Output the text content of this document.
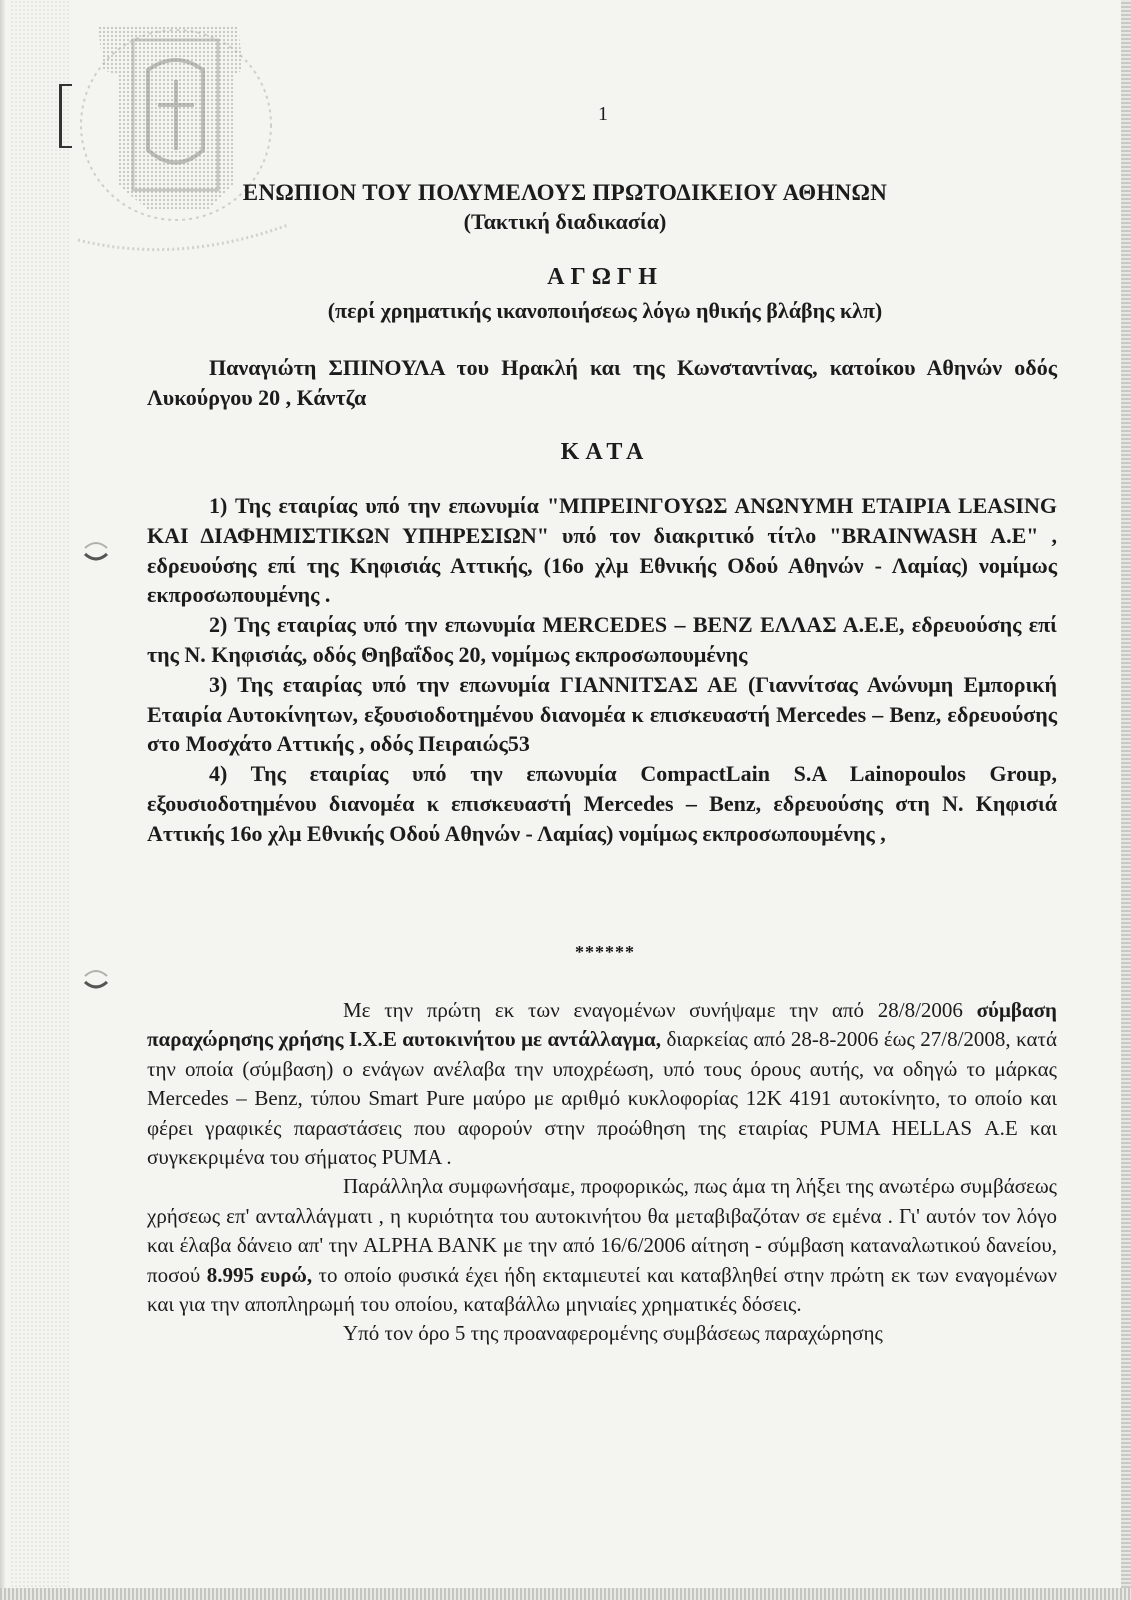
1
ΕΝΩΠΙΟΝ ΤΟΥ ΠΟΛΥΜΕΛΟΥΣ ΠΡΩΤΟΔΙΚΕΙΟΥ ΑΘΗΝΩΝ
(Τακτική διαδικασία)
ΑΓΩΓΗ
(περί χρηματικής ικανοποιήσεως λόγω ηθικής βλάβης κλπ)
Παναγιώτη ΣΠΙΝΟΥΛΑ του Ηρακλή και της Κωνσταντίνας, κατοίκου Αθηνών οδός Λυκούργου 20 , Κάντζα
ΚΑΤΑ

1) Της εταιρίας υπό την επωνυμία "ΜΠΡΕΙΝΓΟΥΩΣ ΑΝΩΝΥΜΗ ΕΤΑΙΡΙΑ LEASING ΚΑΙ ΔΙΑΦΗΜΙΣΤΙΚΩΝ ΥΠΗΡΕΣΙΩΝ" υπό τον διακριτικό τίτλο "BRAINWASH Α.Ε" , εδρευούσης επί της Κηφισιάς Αττικής, (16ο χλμ Εθνικής Οδού Αθηνών - Λαμίας) νομίμως εκπροσωπουμένης .

2) Της εταιρίας υπό την επωνυμία MERCEDES – BENZ ΕΛΛΑΣ Α.Ε.Ε, εδρευούσης επί της Ν. Κηφισιάς, οδός Θηβαΐδος 20, νομίμως εκπροσωπουμένης

3) Της εταιρίας υπό την επωνυμία ΓΙΑΝΝΙΤΣΑΣ ΑΕ (Γιαννίτσας Ανώνυμη Εμπορική Εταιρία Αυτοκίνητων, εξουσιοδοτημένου διανομέα κ επισκευαστή Mercedes – Benz, εδρευούσης στο Μοσχάτο Αττικής , οδός Πειραιώς53

4) Της εταιρίας υπό την επωνυμία CompactLain S.A Lainopoulos Group, εξουσιοδοτημένου διανομέα κ επισκευαστή Mercedes – Benz, εδρευούσης στη Ν. Κηφισιά Αττικής 16ο χλμ Εθνικής Οδού Αθηνών - Λαμίας) νομίμως εκπροσωπουμένης ,

******

Με την πρώτη εκ των εναγομένων συνήψαμε την από 28/8/2006 σύμβαση παραχώρησης χρήσης Ι.Χ.Ε αυτοκινήτου με αντάλλαγμα, διαρκείας από 28-8-2006 έως 27/8/2008, κατά την οποία (σύμβαση) ο ενάγων ανέλαβα την υποχρέωση, υπό τους όρους αυτής, να οδηγώ το μάρκας Mercedes – Benz, τύπου Smart Pure μαύρο με αριθμό κυκλοφορίας 12Κ 4191 αυτοκίνητο, το οποίο και φέρει γραφικές παραστάσεις που αφορούν στην προώθηση της εταιρίας PUMA HELLAS Α.Ε και συγκεκριμένα του σήματος PUMA .

Παράλληλα συμφωνήσαμε, προφορικώς, πως άμα τη λήξει της ανωτέρω συμβάσεως χρήσεως επ' ανταλλάγματι , η κυριότητα του αυτοκινήτου θα μεταβιβαζόταν σε εμένα . Γι' αυτόν τον λόγο και έλαβα δάνειο απ' την ALPHA BANK με την από 16/6/2006 αίτηση - σύμβαση καταναλωτικού δανείου, ποσού 8.995 ευρώ, το οποίο φυσικά έχει ήδη εκταμιευτεί και καταβληθεί στην πρώτη εκ των εναγομένων και για την αποπληρωμή του οποίου, καταβάλλω μηνιαίες χρηματικές δόσεις.

Υπό τον όρο 5 της προαναφερομένης συμβάσεως παραχώρησης
